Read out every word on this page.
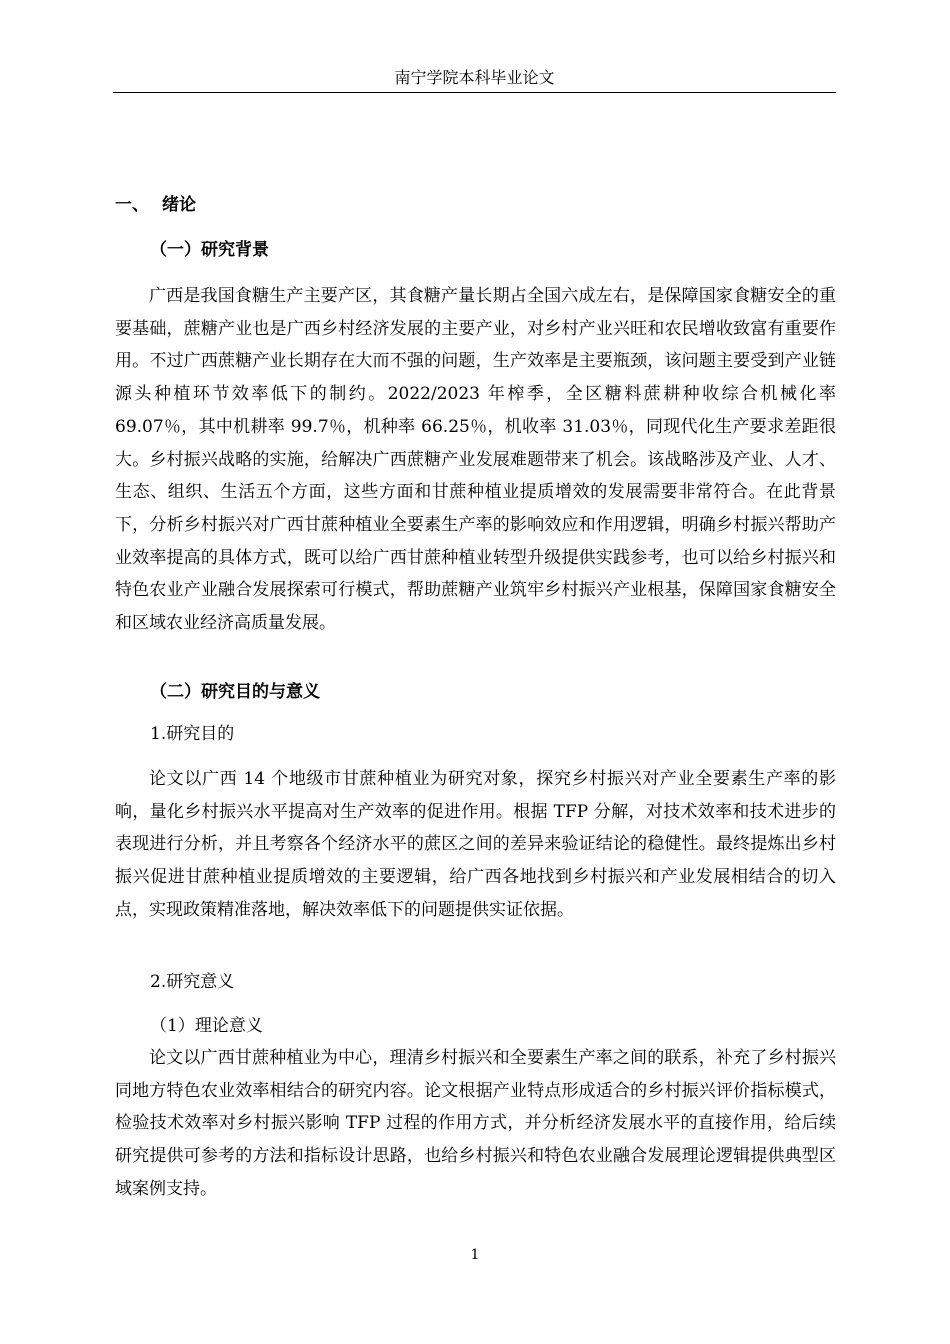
南宁学院本科毕业论文
一、 绪论
（一）研究背景

广西是我国食糖生产主要产区，其食糖产量长期占全国六成左右，是保障国家食糖安全的重要基础，蔗糖产业也是广西乡村经济发展的主要产业，对乡村产业兴旺和农民增收致富有重要作用。不过广西蔗糖产业长期存在大而不强的问题，生产效率是主要瓶颈，该问题主要受到产业链源头种植环节效率低下的制约。2022/2023 年榨季，全区糖料蔗耕种收综合机械化率 69.07％，其中机耕率 99.7％，机种率 66.25％，机收率 31.03％，同现代化生产要求差距很大。乡村振兴战略的实施，给解决广西蔗糖产业发展难题带来了机会。该战略涉及产业、人才、生态、组织、生活五个方面，这些方面和甘蔗种植业提质增效的发展需要非常符合。在此背景下，分析乡村振兴对广西甘蔗种植业全要素生产率的影响效应和作用逻辑，明确乡村振兴帮助产业效率提高的具体方式，既可以给广西甘蔗种植业转型升级提供实践参考，也可以给乡村振兴和特色农业产业融合发展探索可行模式，帮助蔗糖产业筑牢乡村振兴产业根基，保障国家食糖安全和区域农业经济高质量发展。

（二）研究目的与意义
1.研究目的

论文以广西 14 个地级市甘蔗种植业为研究对象，探究乡村振兴对产业全要素生产率的影响，量化乡村振兴水平提高对生产效率的促进作用。根据 TFP 分解，对技术效率和技术进步的表现进行分析，并且考察各个经济水平的蔗区之间的差异来验证结论的稳健性。最终提炼出乡村振兴促进甘蔗种植业提质增效的主要逻辑，给广西各地找到乡村振兴和产业发展相结合的切入点，实现政策精准落地，解决效率低下的问题提供实证依据。

2.研究意义
（1）理论意义

论文以广西甘蔗种植业为中心，理清乡村振兴和全要素生产率之间的联系，补充了乡村振兴同地方特色农业效率相结合的研究内容。论文根据产业特点形成适合的乡村振兴评价指标模式，检验技术效率对乡村振兴影响 TFP 过程的作用方式，并分析经济发展水平的直接作用，给后续研究提供可参考的方法和指标设计思路，也给乡村振兴和特色农业融合发展理论逻辑提供典型区域案例支持。

1
